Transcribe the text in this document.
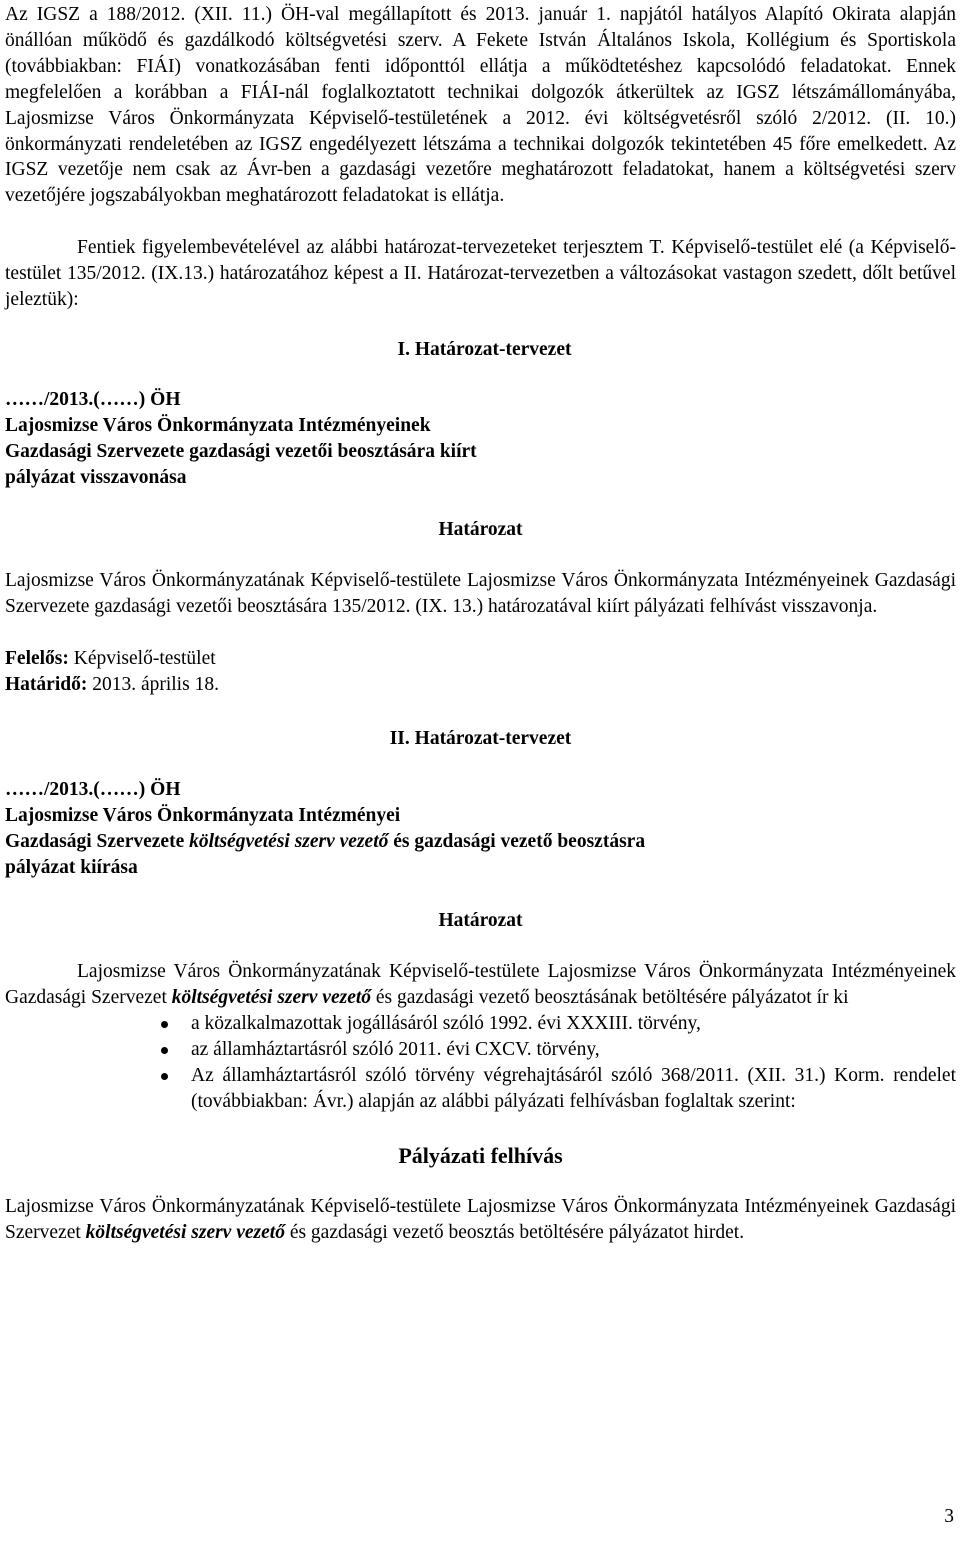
Az IGSZ a 188/2012. (XII. 11.) ÖH-val megállapított és 2013. január 1. napjától hatályos Alapító Okirata alapján önállóan működő és gazdálkodó költségvetési szerv. A Fekete István Általános Iskola, Kollégium és Sportiskola (továbbiakban: FIÁI) vonatkozásában fenti időponttól ellátja a működtetéshez kapcsolódó feladatokat. Ennek megfelelően a korábban a FIÁI-nál foglalkoztatott technikai dolgozók átkerültek az IGSZ létszámállományába, Lajosmizse Város Önkormányzata Képviselő-testületének a 2012. évi költségvetésről szóló 2/2012. (II. 10.) önkormányzati rendeletében az IGSZ engedélyezett létszáma a technikai dolgozók tekintetében 45 főre emelkedett. Az IGSZ vezetője nem csak az Ávr-ben a gazdasági vezetőre meghatározott feladatokat, hanem a költségvetési szerv vezetőjére jogszabályokban meghatározott feladatokat is ellátja.

Fentiek figyelembevételével az alábbi határozat-tervezeteket terjesztem T. Képviselő-testület elé (a Képviselő-testület 135/2012. (IX.13.) határozatához képest a II. Határozat-tervezetben a változásokat vastagon szedett, dőlt betűvel jeleztük):

I. Határozat-tervezet

……/2013.(……) ÖH

Lajosmizse Város Önkormányzata Intézményeinek

Gazdasági Szervezete gazdasági vezetői beosztására kiírt

pályázat visszavonása

Határozat

Lajosmizse Város Önkormányzatának Képviselő-testülete Lajosmizse Város Önkormányzata Intézményeinek Gazdasági Szervezete gazdasági vezetői beosztására 135/2012. (IX. 13.) határozatával kiírt pályázati felhívást visszavonja.

Felelős: Képviselő-testület

Határidő: 2013. április 18.

II. Határozat-tervezet

……/2013.(……) ÖH

Lajosmizse Város Önkormányzata Intézményei

Gazdasági Szervezete költségvetési szerv vezető és gazdasági vezető beosztásra

pályázat kiírása

Határozat

Lajosmizse Város Önkormányzatának Képviselő-testülete Lajosmizse Város Önkormányzata Intézményeinek Gazdasági Szervezet költségvetési szerv vezető és gazdasági vezető beosztásának betöltésére pályázatot ír ki

a közalkalmazottak jogállásáról szóló 1992. évi XXXIII. törvény,
az államháztartásról szóló 2011. évi CXCV. törvény,
Az államháztartásról szóló törvény végrehajtásáról szóló 368/2011. (XII. 31.) Korm. rendelet (továbbiakban: Ávr.) alapján az alábbi pályázati felhívásban foglaltak szerint:

Pályázati felhívás

Lajosmizse Város Önkormányzatának Képviselő-testülete Lajosmizse Város Önkormányzata Intézményeinek Gazdasági Szervezet költségvetési szerv vezető és gazdasági vezető beosztás betöltésére pályázatot hirdet.

3
